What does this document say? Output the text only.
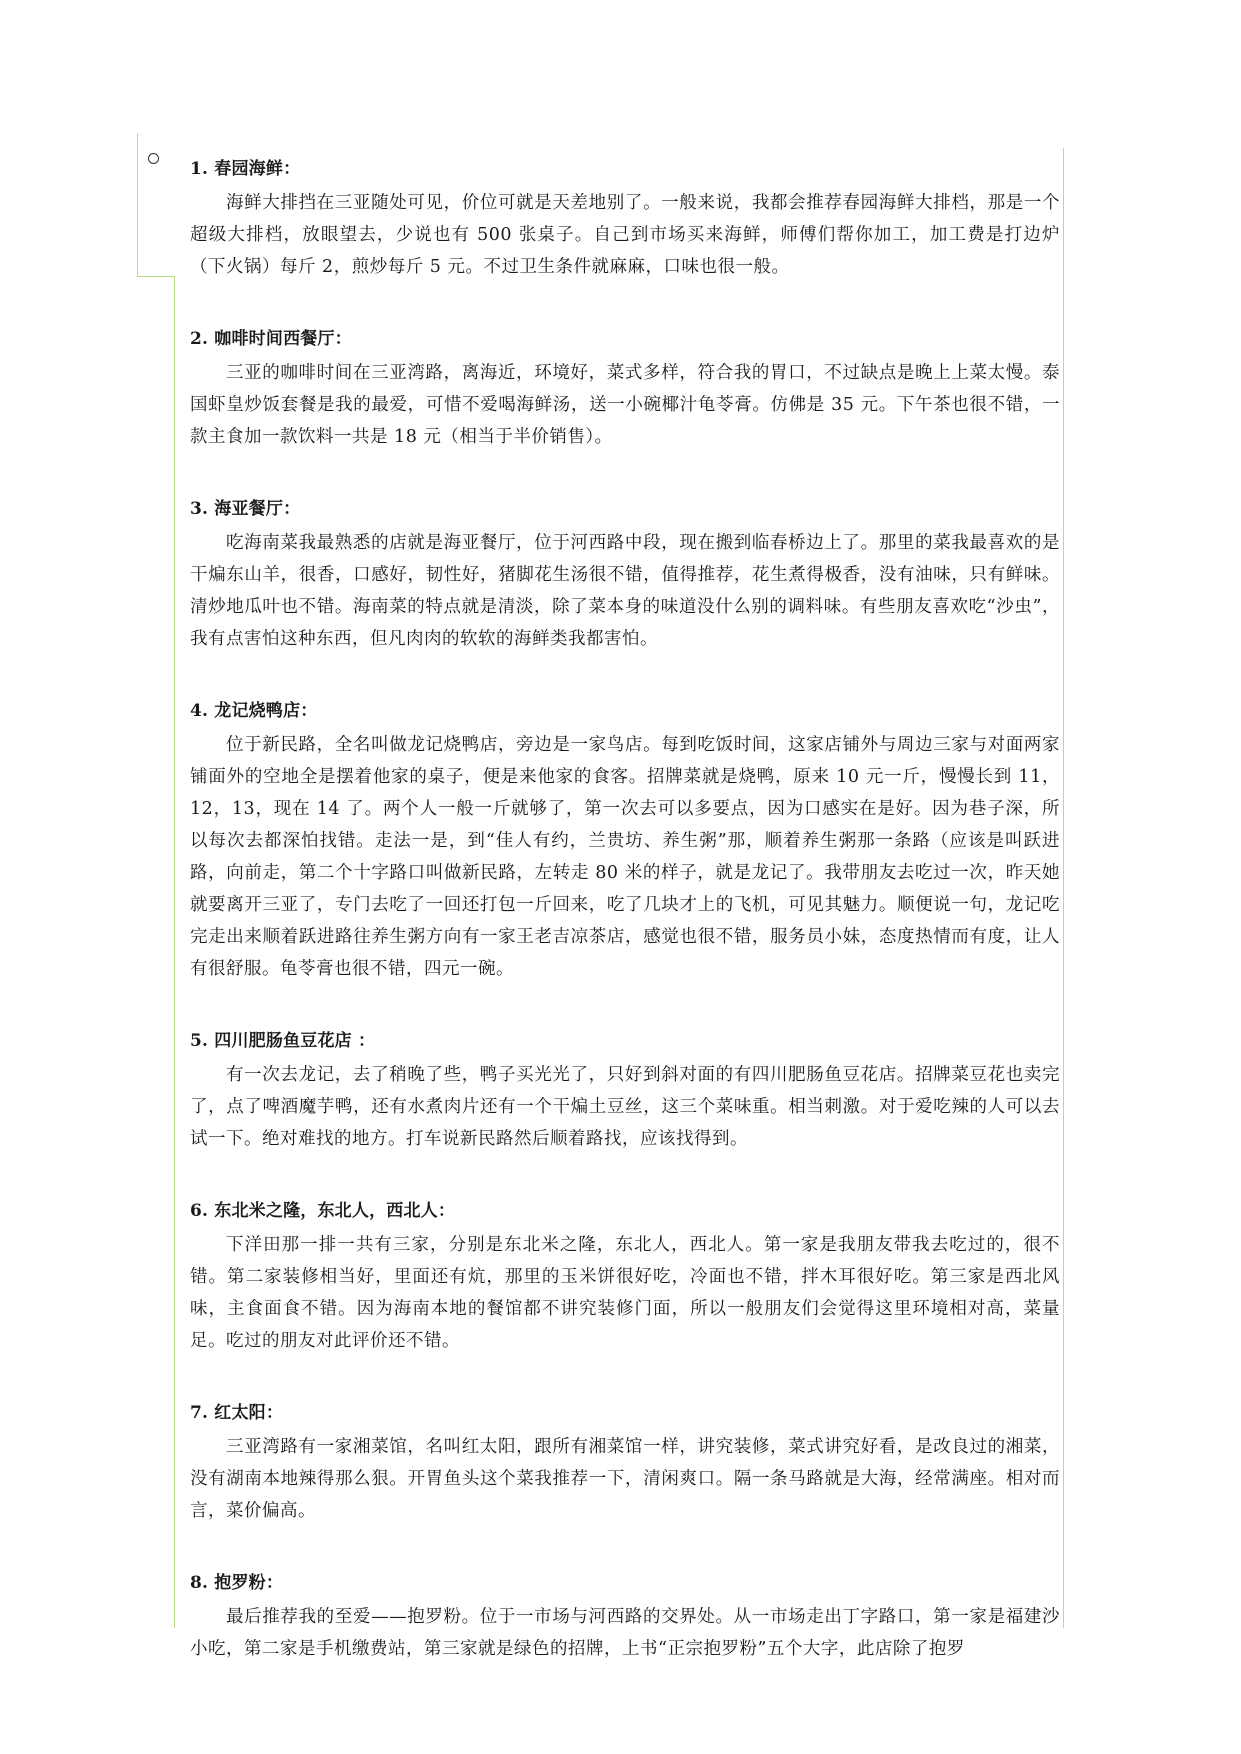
1. 春园海鲜：

海鲜大排挡在三亚随处可见，价位可就是天差地别了。一般来说，我都会推荐春园海鲜大排档，那是一个超级大排档，放眼望去，少说也有 500 张桌子。自己到市场买来海鲜，师傅们帮你加工，加工费是打边炉（下火锅）每斤 2，煎炒每斤 5 元。不过卫生条件就麻麻，口味也很一般。

2. 咖啡时间西餐厅：

三亚的咖啡时间在三亚湾路，离海近，环境好，菜式多样，符合我的胃口，不过缺点是晚上上菜太慢。泰国虾皇炒饭套餐是我的最爱，可惜不爱喝海鲜汤，送一小碗椰汁龟苓膏。仿佛是 35 元。下午茶也很不错，一款主食加一款饮料一共是 18 元（相当于半价销售）。

3. 海亚餐厅：

吃海南菜我最熟悉的店就是海亚餐厅，位于河西路中段，现在搬到临春桥边上了。那里的菜我最喜欢的是干煸东山羊，很香，口感好，韧性好，猪脚花生汤很不错，值得推荐，花生煮得极香，没有油味，只有鲜味。清炒地瓜叶也不错。海南菜的特点就是清淡，除了菜本身的味道没什么别的调料味。有些朋友喜欢吃“沙虫”，我有点害怕这种东西，但凡肉肉的软软的海鲜类我都害怕。

4. 龙记烧鸭店：

位于新民路，全名叫做龙记烧鸭店，旁边是一家鸟店。每到吃饭时间，这家店铺外与周边三家与对面两家铺面外的空地全是摆着他家的桌子，便是来他家的食客。招牌菜就是烧鸭，原来 10 元一斤，慢慢长到 11，12，13，现在 14 了。两个人一般一斤就够了，第一次去可以多要点，因为口感实在是好。因为巷子深，所以每次去都深怕找错。走法一是，到“佳人有约，兰贵坊、养生粥”那，顺着养生粥那一条路（应该是叫跃进路，向前走，第二个十字路口叫做新民路，左转走 80 米的样子，就是龙记了。我带朋友去吃过一次，昨天她就要离开三亚了，专门去吃了一回还打包一斤回来，吃了几块才上的飞机，可见其魅力。顺便说一句，龙记吃完走出来顺着跃进路往养生粥方向有一家王老吉凉茶店，感觉也很不错，服务员小妹，态度热情而有度，让人有很舒服。龟苓膏也很不错，四元一碗。

5. 四川肥肠鱼豆花店 ：

有一次去龙记，去了稍晚了些，鸭子买光光了，只好到斜对面的有四川肥肠鱼豆花店。招牌菜豆花也卖完了，点了啤酒魔芋鸭，还有水煮肉片还有一个干煸土豆丝，这三个菜味重。相当刺激。对于爱吃辣的人可以去试一下。绝对难找的地方。打车说新民路然后顺着路找，应该找得到。

6. 东北米之隆，东北人，西北人：

下洋田那一排一共有三家，分别是东北米之隆，东北人，西北人。第一家是我朋友带我去吃过的，很不错。第二家装修相当好，里面还有炕，那里的玉米饼很好吃，冷面也不错，拌木耳很好吃。第三家是西北风味，主食面食不错。因为海南本地的餐馆都不讲究装修门面，所以一般朋友们会觉得这里环境相对高，菜量足。吃过的朋友对此评价还不错。

7. 红太阳：

三亚湾路有一家湘菜馆，名叫红太阳，跟所有湘菜馆一样，讲究装修，菜式讲究好看，是改良过的湘菜，没有湖南本地辣得那么狠。开胃鱼头这个菜我推荐一下，清闲爽口。隔一条马路就是大海，经常满座。相对而言，菜价偏高。

8. 抱罗粉：

最后推荐我的至爱——抱罗粉。位于一市场与河西路的交界处。从一市场走出丁字路口，第一家是福建沙小吃，第二家是手机缴费站，第三家就是绿色的招牌，上书“正宗抱罗粉”五个大字，此店除了抱罗
